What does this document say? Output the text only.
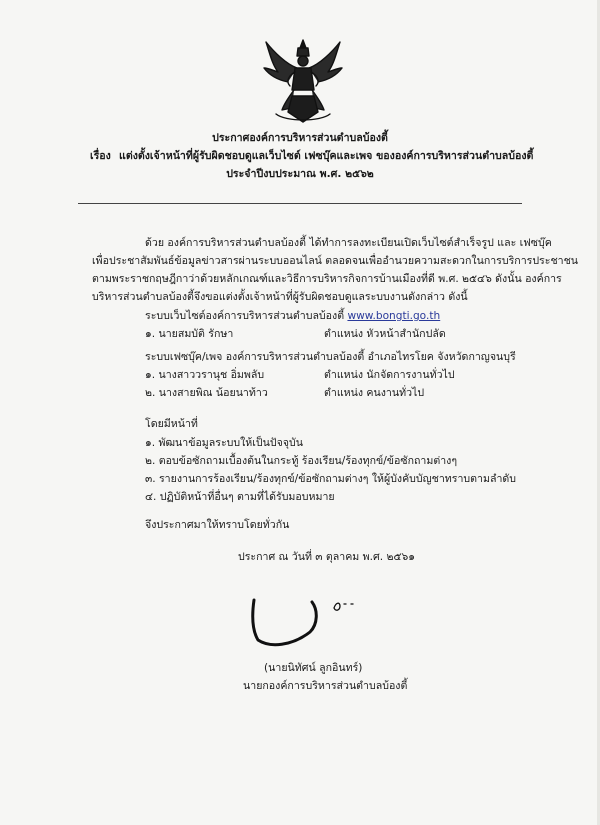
ประกาศองค์การบริหารส่วนตำบลบ้องตี้
เรื่อง แต่งตั้งเจ้าหน้าที่ผู้รับผิดชอบดูแลเว็บไซต์ เฟซบุ๊คและเพจ ขององค์การบริหารส่วนตำบลบ้องตี้
ประจำปีงบประมาณ พ.ศ. ๒๕๖๒
ด้วย องค์การบริหารส่วนตำบลบ้องตี้ ได้ทำการลงทะเบียนเปิดเว็บไซต์สำเร็จรูป และ เฟซบุ๊ค
เพื่อประชาสัมพันธ์ข้อมูลข่าวสารผ่านระบบออนไลน์ ตลอดจนเพื่ออำนวยความสะดวกในการบริการประชาชน
ตามพระราชกฤษฎีกาว่าด้วยหลักเกณฑ์และวิธีการบริหารกิจการบ้านเมืองที่ดี พ.ศ. ๒๕๔๖ ดังนั้น องค์การ
บริหารส่วนตำบลบ้องตี้จึงขอแต่งตั้งเจ้าหน้าที่ผู้รับผิดชอบดูแลระบบงานดังกล่าว ดังนี้
ระบบเว็บไซต์องค์การบริหารส่วนตำบลบ้องตี้ www.bongti.go.th
๑. นายสมบัติ รักษา	ตำแหน่ง หัวหน้าสำนักปลัด
ระบบเฟซบุ๊ค/เพจ องค์การบริหารส่วนตำบลบ้องตี้ อำเภอไทรโยค จังหวัดกาญจนบุรี
๑. นางสาววรานุช อิ่มพลับ	ตำแหน่ง นักจัดการงานทั่วไป
๒. นางสายพิณ น้อยนาท้าว	ตำแหน่ง คนงานทั่วไป
โดยมีหน้าที่
๑. พัฒนาข้อมูลระบบให้เป็นปัจจุบัน
๒. ตอบข้อซักถามเบื้องต้นในกระทู้ ร้องเรียน/ร้องทุกข์/ข้อซักถามต่างๆ
๓. รายงานการร้องเรียน/ร้องทุกข์/ข้อซักถามต่างๆ ให้ผู้บังคับบัญชาทราบตามลำดับ
๔. ปฏิบัติหน้าที่อื่นๆ ตามที่ได้รับมอบหมาย
จึงประกาศมาให้ทราบโดยทั่วกัน
ประกาศ ณ วันที่ ๓ ตุลาคม พ.ศ. ๒๕๖๑
(นายนิทัศน์ ลูกอินทร์)
นายกองค์การบริหารส่วนตำบลบ้องตี้
